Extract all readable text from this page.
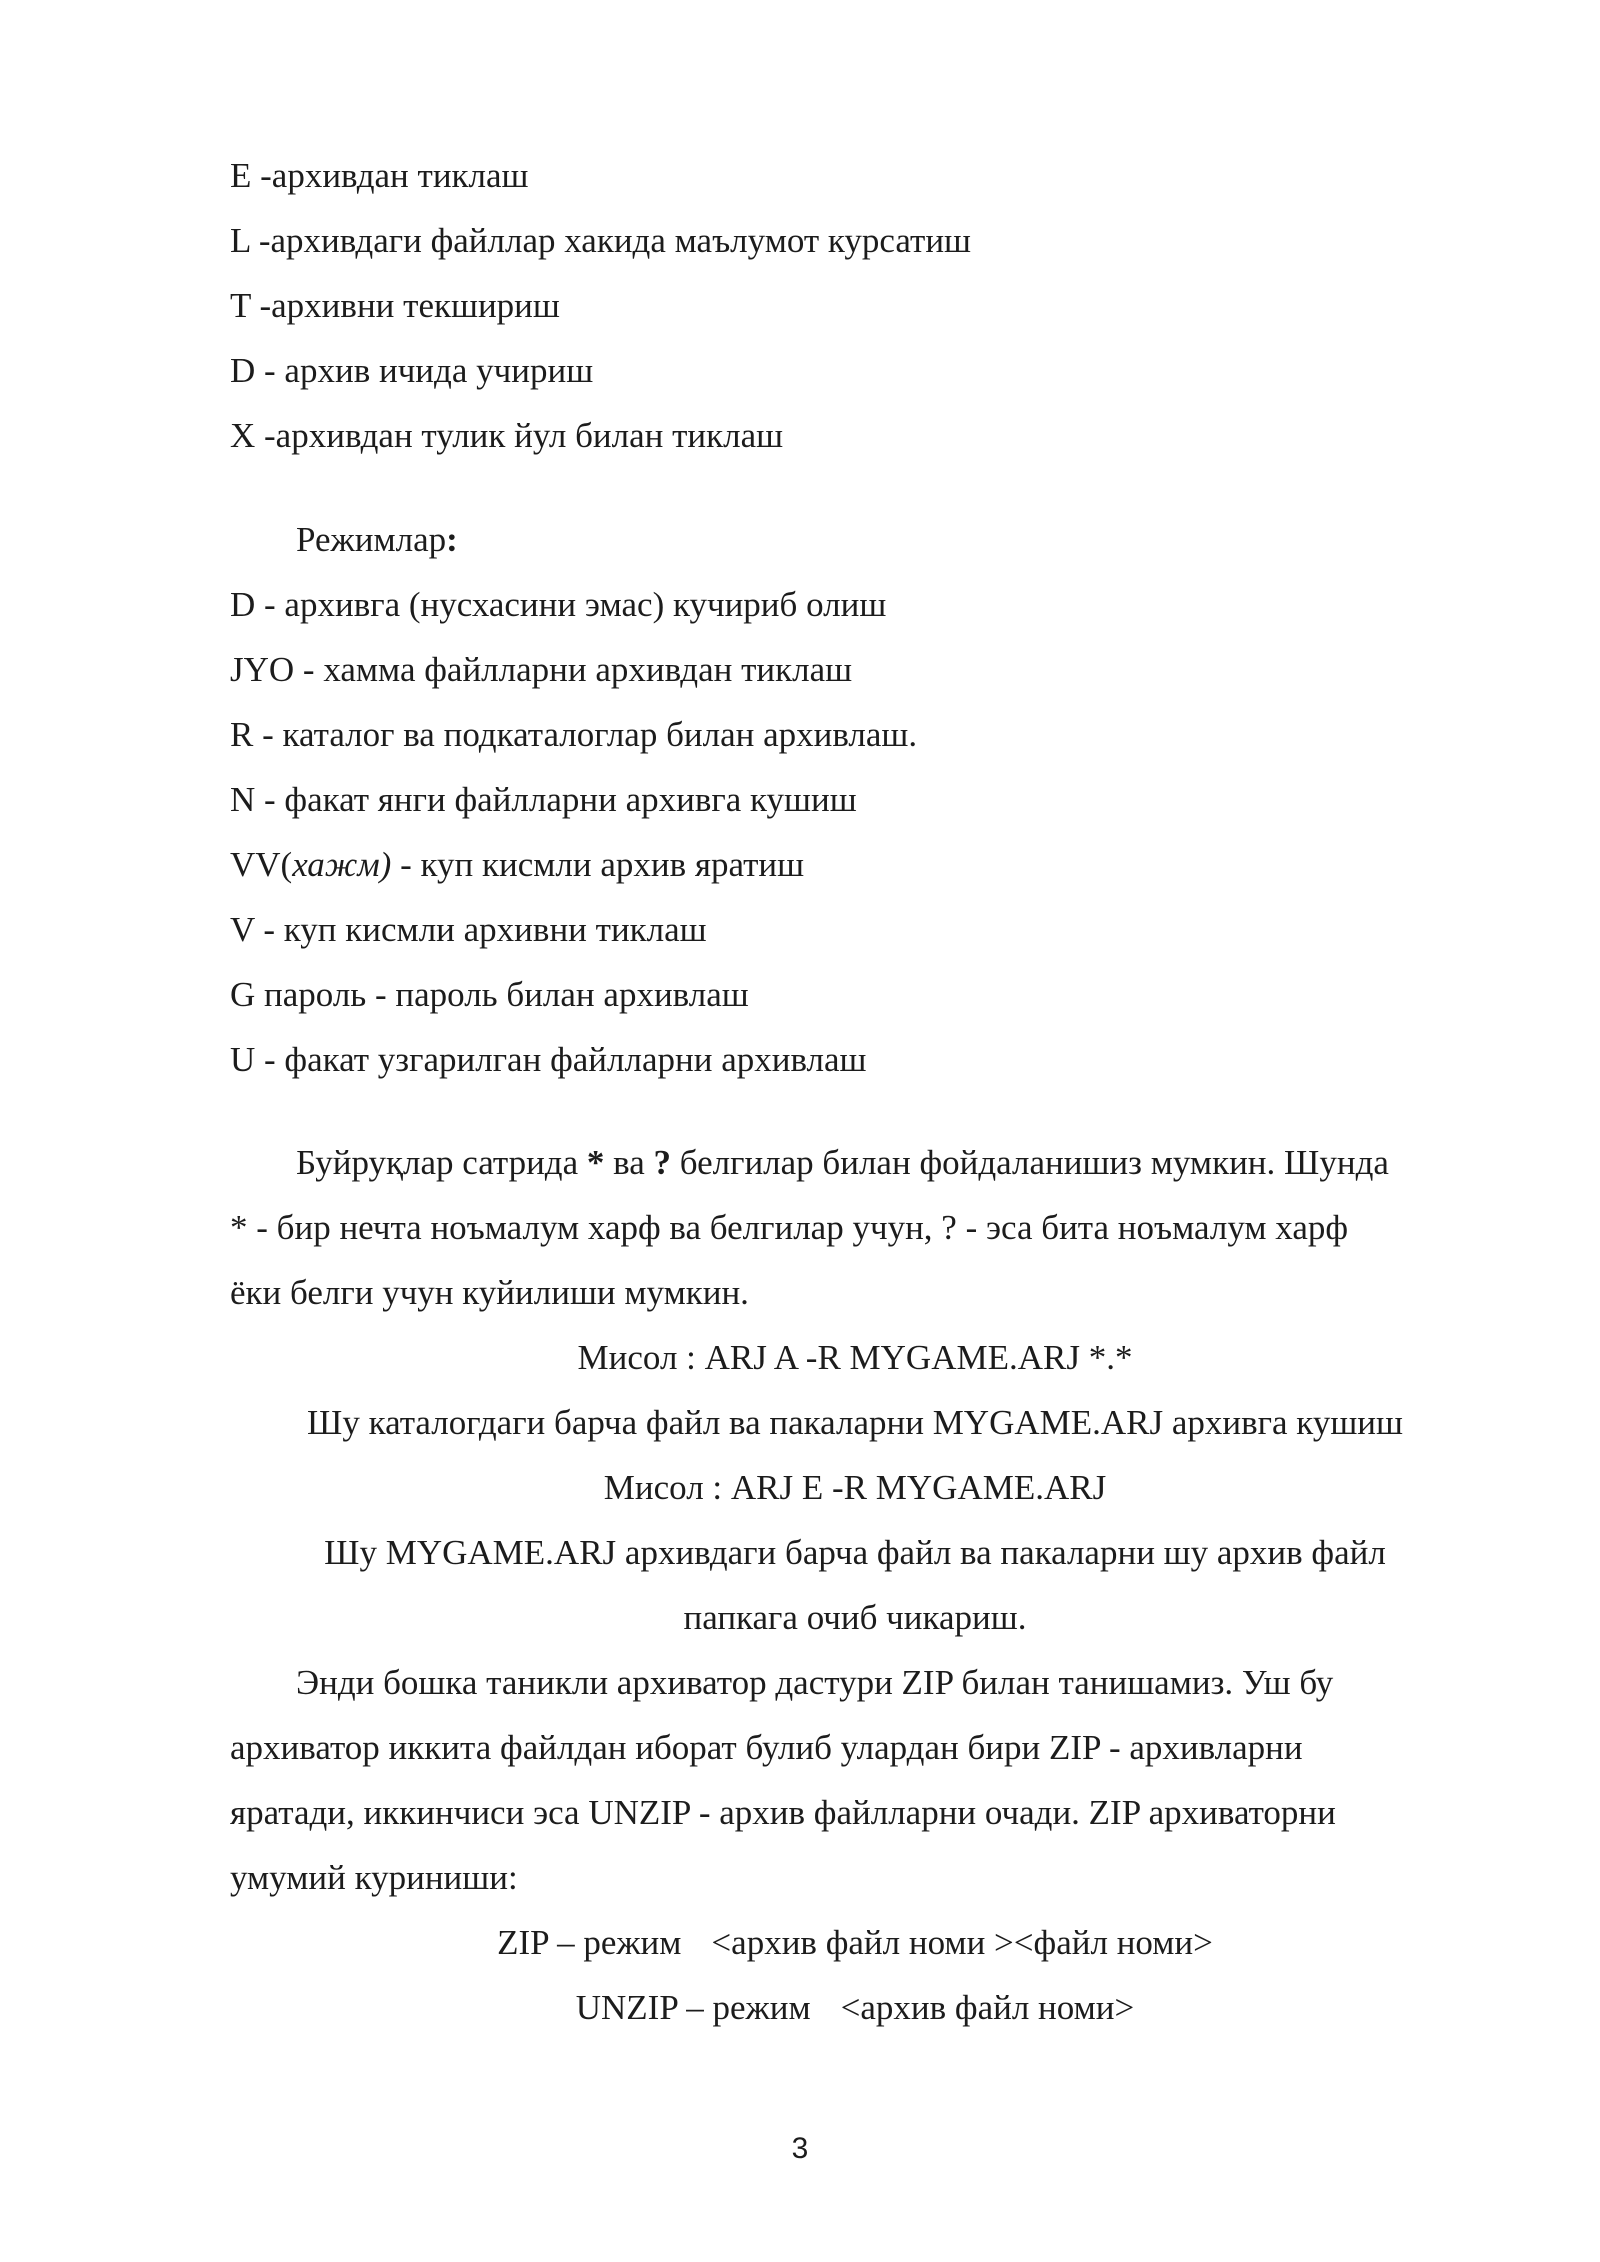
E -архивдан тиклаш
L -архивдаги файллар хакида маълумот курсатиш
T -архивни текшириш
D - архив ичида учириш
X -архивдан тулик йул билан тиклаш
Режимлар:
D - архивга (нусхасини эмас) кучириб олиш
JYO - хамма файлларни архивдан тиклаш
R - каталог ва подкаталоглар билан архивлаш.
N - факат янги файлларни архивга кушиш
VV(хажм) - куп кисмли архив яратиш
V - куп кисмли архивни тиклаш
G пароль - пароль билан архивлаш
U - факат узгарилган файлларни архивлаш
Буйруқлар сатрида * ва ? белгилар билан фойдаланишиз мумкин. Шунда
* - бир нечта ноъмалум харф ва белгилар учун, ? - эса бита ноъмалум харф
ёки белги учун куйилиши мумкин.
Мисол : ARJ A -R MYGAME.ARJ *.*
Шу каталогдаги барча файл ва пакаларни MYGAME.ARJ архивга кушиш
Мисол : ARJ E -R MYGAME.ARJ
Шу MYGAME.ARJ архивдаги барча файл ва пакаларни шу архив файл
папкага очиб чикариш.
Энди бошка таникли архиватор дастури ZIP билан танишамиз. Уш бу
архиватор иккита файлдан иборат булиб улардан бири ZIP - архивларни
яратади, иккинчиси эса UNZIP - архив файлларни очади. ZIP архиваторни
умумий куриниши:
ZIP – режим <архив файл номи ><файл номи>
UNZIP – режим <архив файл номи>
3
